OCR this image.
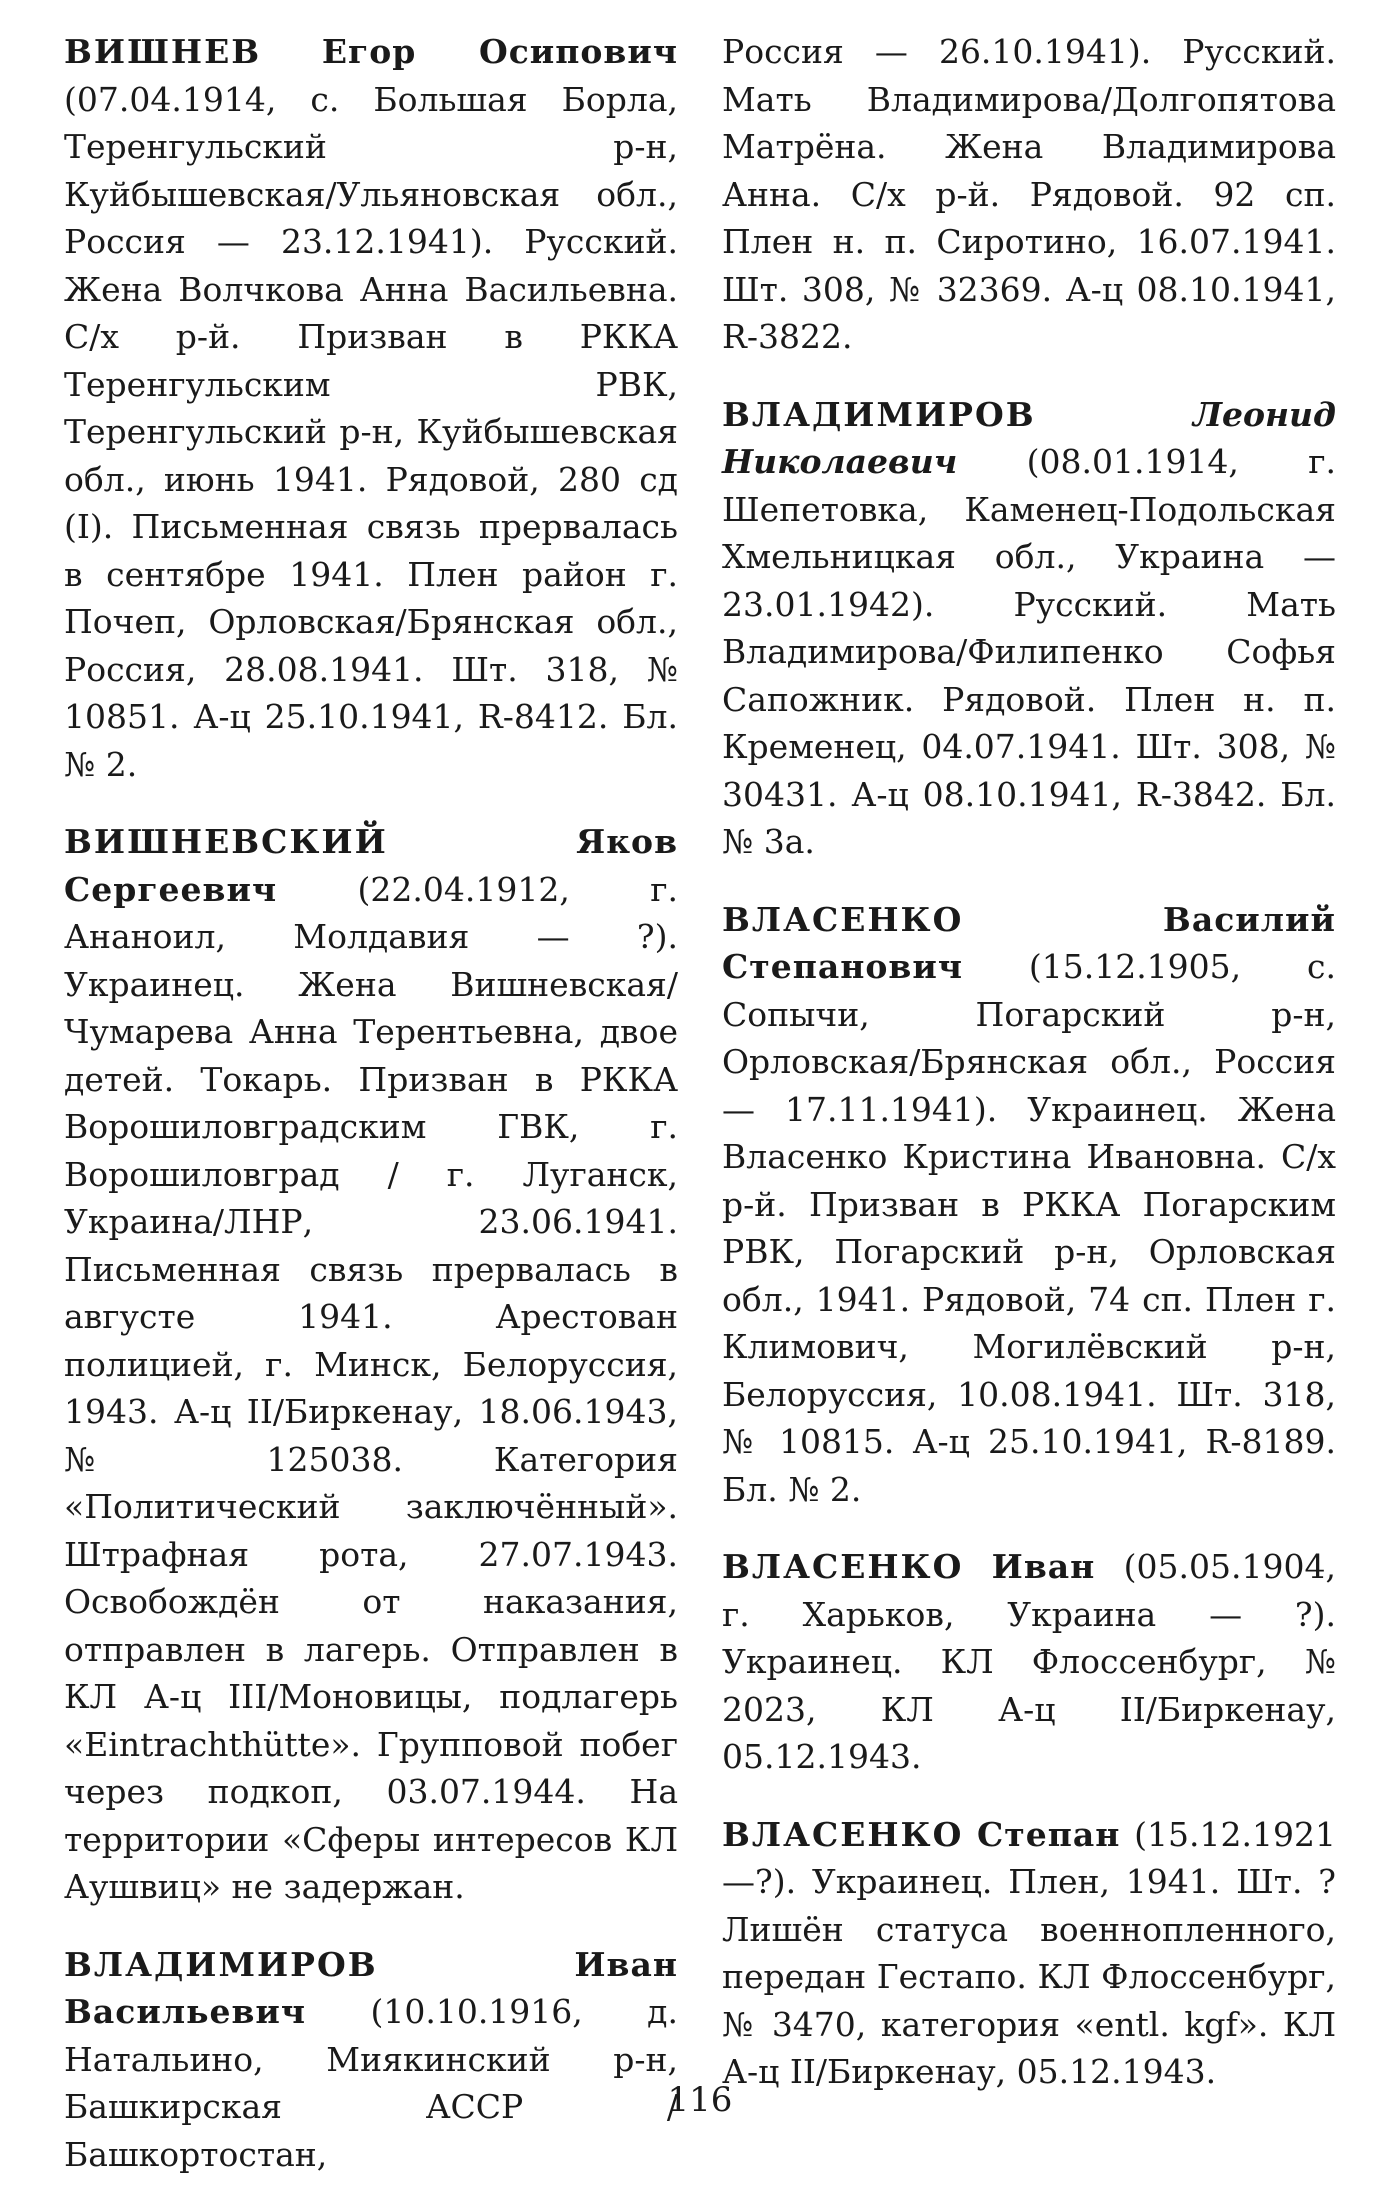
ВИШНЕВ Егор Осипович (07.04.1914, с. Большая Борла, Теренгульский р-н, Куйбышевская/Ульяновская обл., Россия — 23.12.1941). Русский. Жена Волчкова Анна Васильевна. С/х р-й. Призван в РККА Теренгульским РВК, Теренгульский р-н, Куйбышевская обл., июнь 1941. Рядовой, 280 сд (I). Письменная связь прервалась в сентябре 1941. Плен район г. Почеп, Орловская/Брянская обл., Россия, 28.08.1941. Шт. 318, № 10851. А-ц 25.10.1941, R-8412. Бл. № 2.

ВИШНЕВСКИЙ	Яков Сергеевич (22.04.1912, г. Ананоил, Молдавия — ?). Украинец. Жена Вишневская/Чумарева Анна Терентьевна, двое детей. Токарь. Призван в РККА Ворошиловградским ГВК, г. Ворошиловград / г. Луганск, Украина/ЛНР, 23.06.1941. Письменная связь прервалась в августе 1941. Арестован полицией, г. Минск, Белоруссия, 1943. А-ц II/Биркенау, 18.06.1943, № 125038. Категория «Политический заключённый». Штрафная рота, 27.07.1943. Освобождён от наказания, отправлен в лагерь. Отправлен в КЛ А-ц III/Моновицы, подлагерь «Eintrachthütte». Групповой побег через подкоп, 03.07.1944. На территории «Сферы интересов КЛ Аушвиц» не задержан.

ВЛАДИМИРОВ	Иван Васильевич (10.10.1916, д. Натальино, Миякинский р-н, Башкирская АССР / Башкортостан,

Россия — 26.10.1941). Русский. Мать Владимирова/Долгопятова Матрёна. Жена Владимирова Анна. С/х р-й. Рядовой. 92 сп. Плен н. п. Сиротино, 16.07.1941. Шт. 308, № 32369. А-ц 08.10.1941, R-3822.

ВЛАДИМИРОВ	Леонид Николаевич (08.01.1914, г. Шепетовка, Каменец-Подольская Хмельницкая обл., Украина — 23.01.1942). Русский. Мать Владимирова/Филипенко Софья Сапожник. Рядовой. Плен н. п. Кременец, 04.07.1941. Шт. 308, № 30431. А-ц 08.10.1941, R-3842. Бл. № 3а.

ВЛАСЕНКО	Василий Степанович (15.12.1905, с. Сопычи, Погарский р-н, Орловская/Брянская обл., Россия — 17.11.1941). Украинец. Жена Власенко Кристина Ивановна. С/х р-й. Призван в РККА Погарским РВК, Погарский р-н, Орловская обл., 1941. Рядовой, 74 сп. Плен г. Климович, Могилёвский р-н, Белоруссия, 10.08.1941. Шт. 318, № 10815. А-ц 25.10.1941, R-8189. Бл. № 2.

ВЛАСЕНКО Иван (05.05.1904, г. Харьков, Украина — ?). Украинец. КЛ Флоссенбург, № 2023, КЛ А-ц II/Биркенау, 05.12.1943.

ВЛАСЕНКО Степан (15.12.1921—?). Украинец. Плен, 1941. Шт. ? Лишён статуса военнопленного, передан Гестапо. КЛ Флоссенбург, № 3470, категория «entl. kgf». КЛ А-ц II/Биркенау, 05.12.1943.

116
